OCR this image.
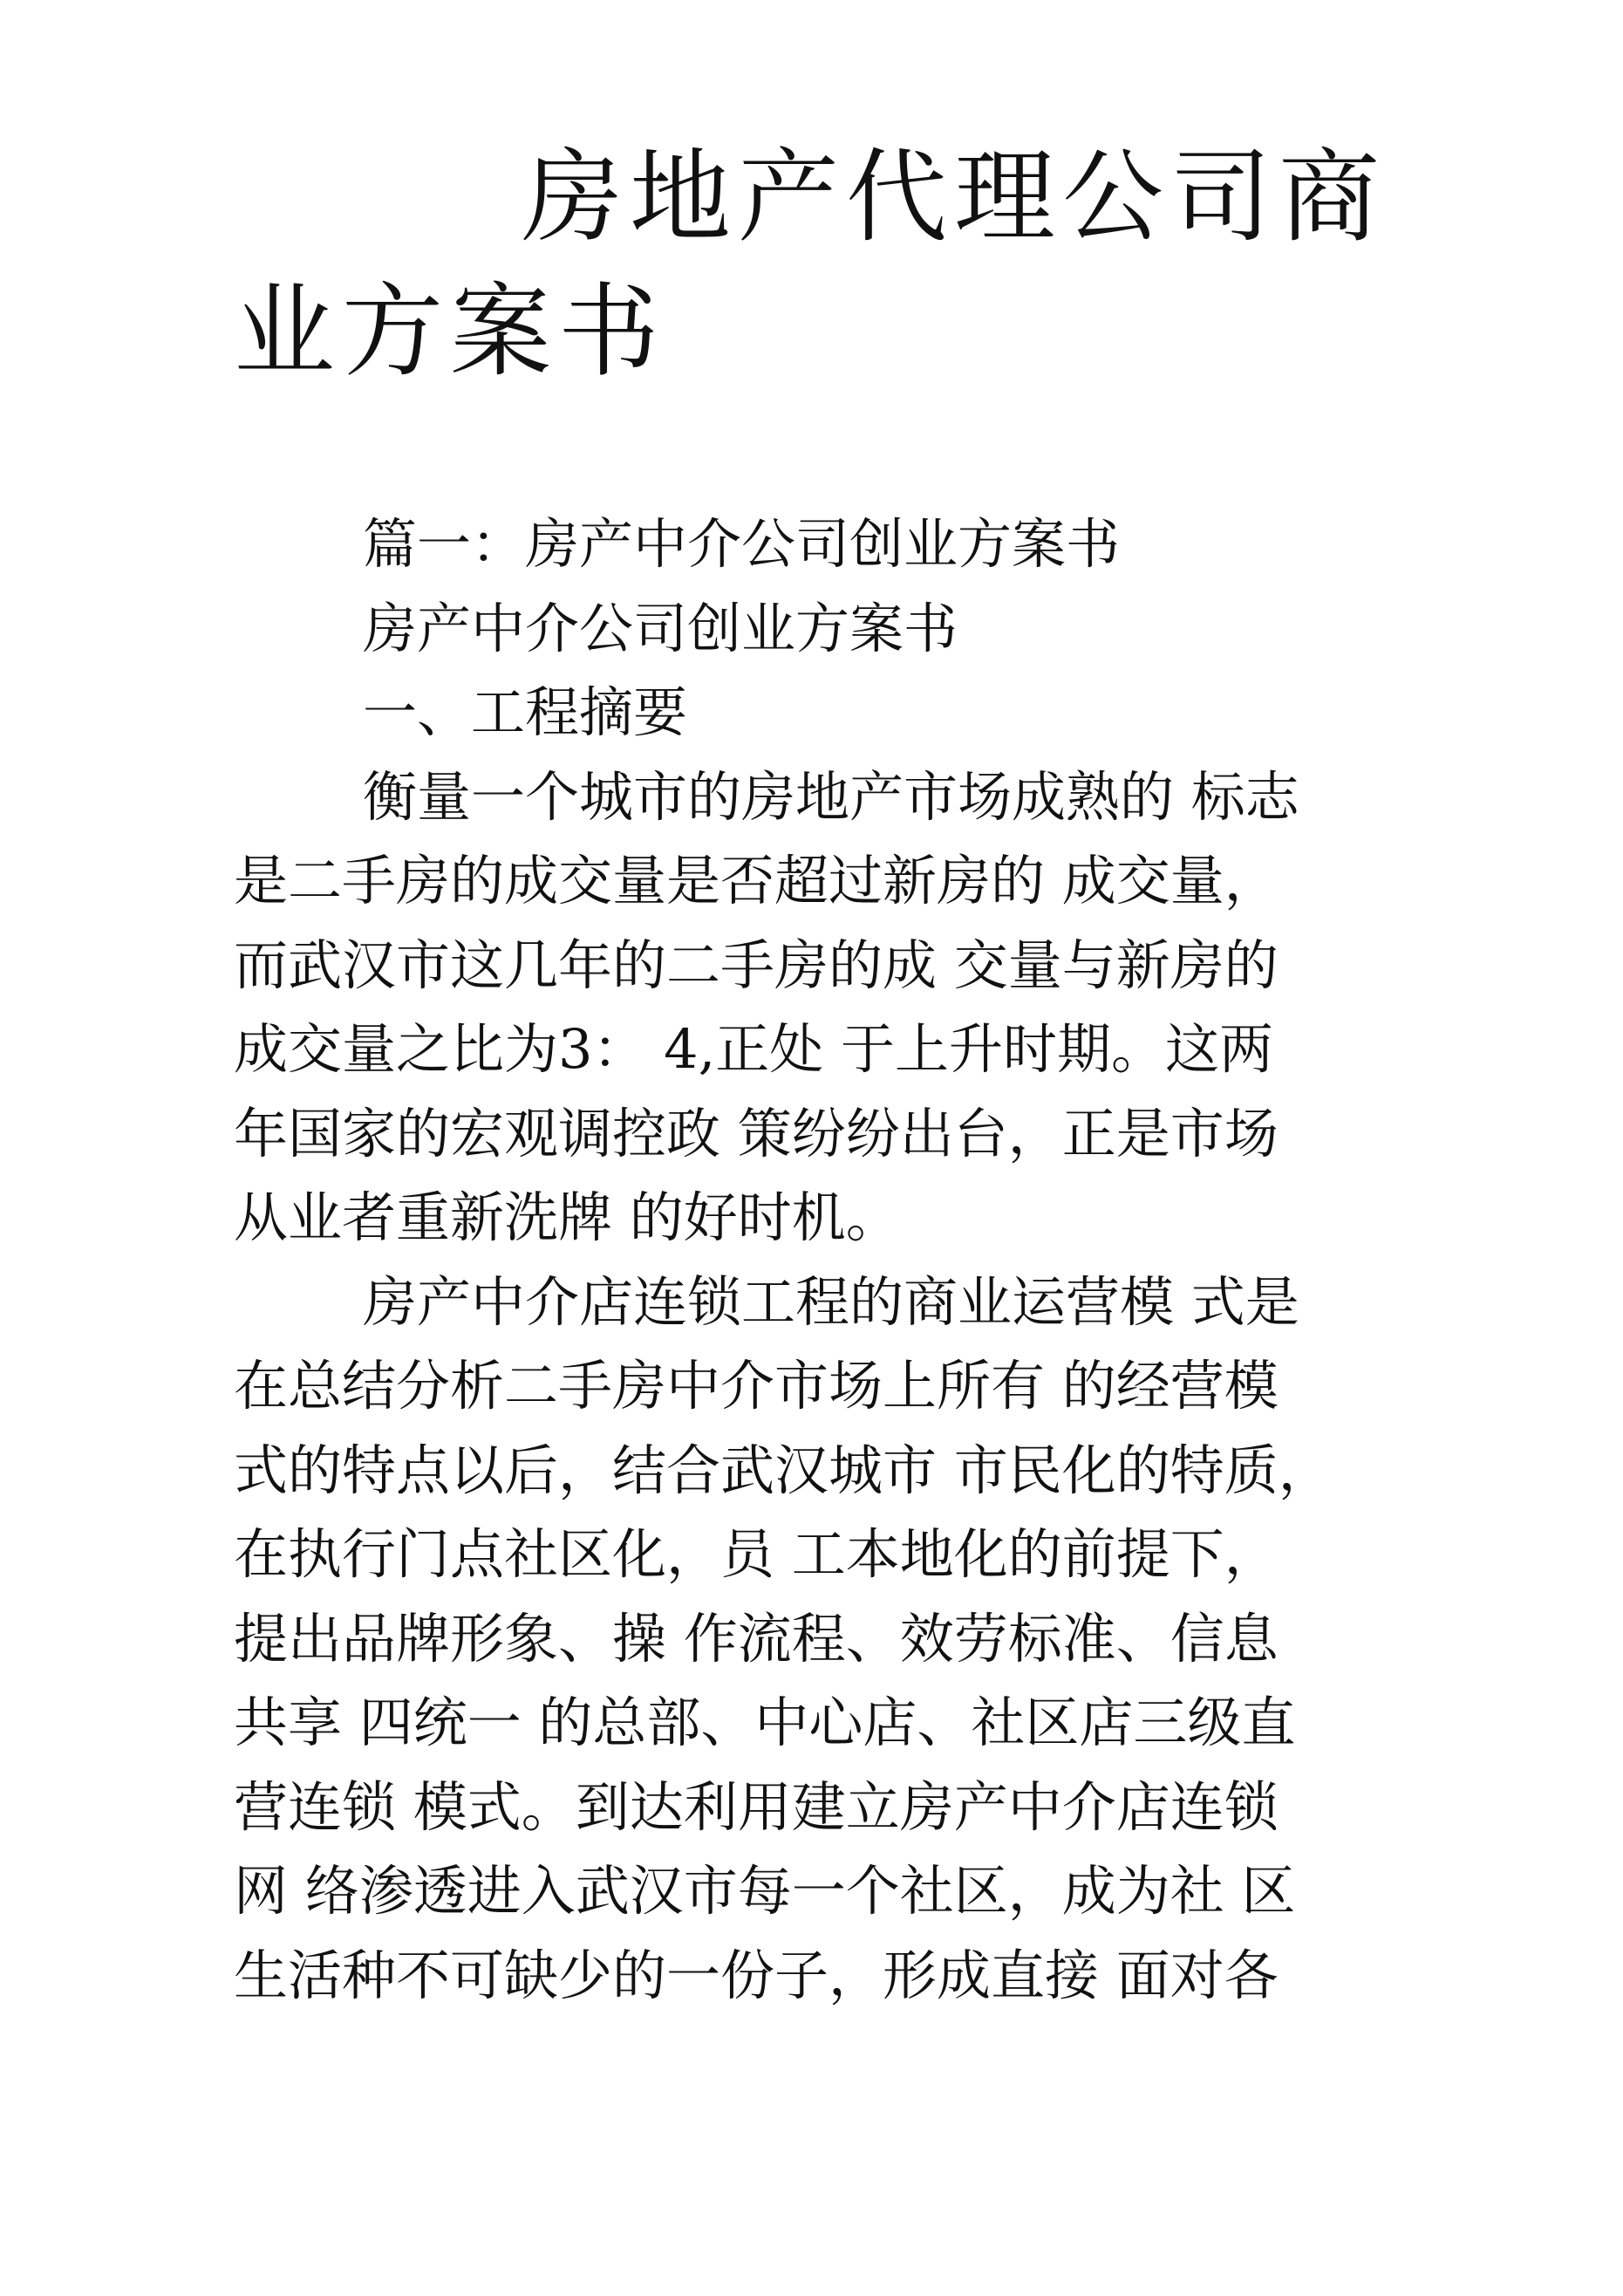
房地产代理公司商
业方案书
篇一：房产中介公司创业方案书
房产中介公司创业方案书
一、工程摘要
衡量一个城市的房地产市场成熟的 标志
是二手房的成交量是否超过新房的 成交量，
而武汉市这几年的二手房的成 交量与新房的
成交量之比为3： 4,正处 于上升时期。这两
年国家的宏观调控政 策纷纷出台，正是市场
从业者重新洗牌 的好时机。
房产中介店连锁工程的商业运营模 式是
在总结分析二手房中介市场上所有 的经营模
式的特点以后，结合武汉城市 市民化的特质，
在执行门点社区化，员 工本地化的前提下，
提出品牌形象、操 作流程、效劳标准、信息
共享 四统一 的总部、中心店、社区店三级直
营连锁 模式。到达利用建立房产中介店连锁
网 络渗透进入武汉市每一个社区，成为社 区
生活种不可缺少的一份子，形成直接 面对各
